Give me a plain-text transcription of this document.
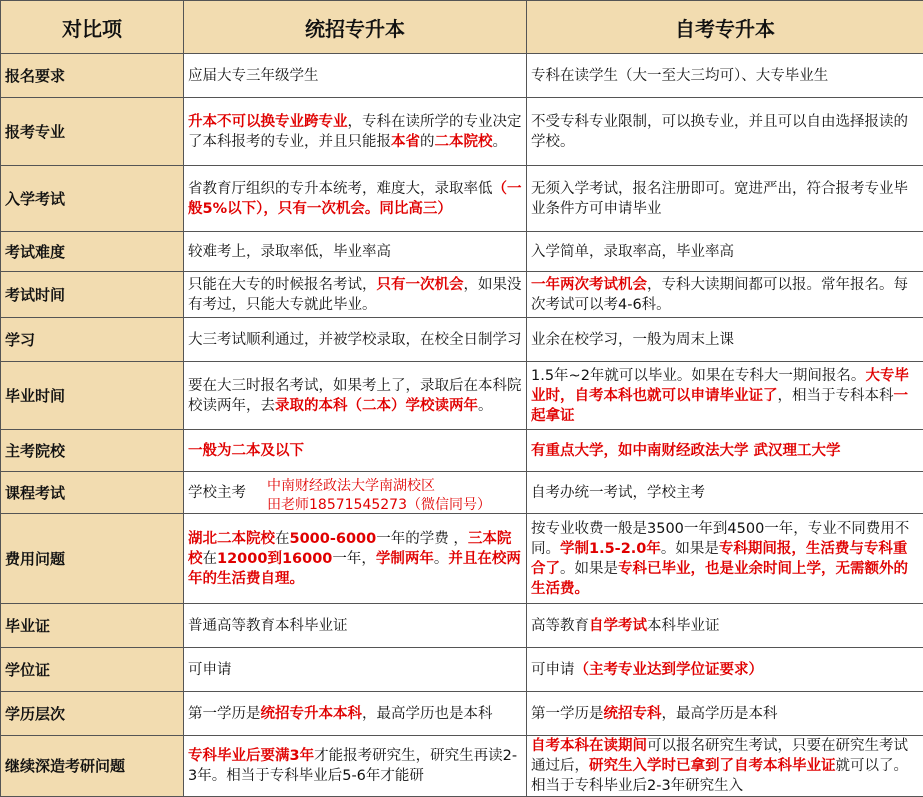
对比项	统招专升本	自考专升本
报名要求	应届大专三年级学生	专科在读学生（大一至大三均可）、大专毕业生
报考专业	升本不可以换专业跨专业，专科在读所学的专业决定了本科报考的专业，并且只能报本省的二本院校。	不受专科专业限制，可以换专业，并且可以自由选择报读的学校。
入学考试	省教育厅组织的专升本统考，难度大，录取率低（一般5%以下），只有一次机会。同比高三）	无须入学考试，报名注册即可。宽进严出，符合报考专业毕业条件方可申请毕业
考试难度	较难考上，录取率低，毕业率高	入学简单，录取率高，毕业率高
考试时间	只能在大专的时候报名考试，只有一次机会，如果没有考过，只能大专就此毕业。	一年两次考试机会，专科大读期间都可以报。常年报名。每次考试可以考4-6科。
学习	大三考试顺利通过，并被学校录取，在校全日制学习	业余在校学习，一般为周末上课
毕业时间	要在大三时报名考试，如果考上了，录取后在本科院校读两年，去录取的本科（二本）学校读两年。	1.5年~2年就可以毕业。如果在专科大一期间报名。大专毕业时，自考本科也就可以申请毕业证了，相当于专科本科一起拿证
主考院校	一般为二本及以下	有重点大学，如中南财经政法大学 武汉理工大学
课程考试	学校主考	自考办统一考试，学校主考
费用问题	湖北二本院校在5000-6000一年的学费 ，三本院校在12000到16000一年，学制两年。并且在校两年的生活费自理。	按专业收费一般是3500一年到4500一年，专业不同费用不同。学制1.5-2.0年。如果是专科期间报，生活费与专科重合了。如果是专科已毕业，也是业余时间上学，无需额外的生活费。
毕业证	普通高等教育本科毕业证	高等教育自学考试本科毕业证
学位证	可申请	可申请（主考专业达到学位证要求）
学历层次	第一学历是统招专升本本科，最高学历也是本科	第一学历是统招专科，最高学历是本科
继续深造考研问题	专科毕业后要满3年才能报考研究生，研究生再读2-3年。相当于专科毕业后5-6年才能研	自考本科在读期间可以报名研究生考试，只要在研究生考试通过后，研究生入学时已拿到了自考本科毕业证就可以了。相当于专科毕业后2-3年研究生入
中南财经政法大学南湖校区
田老师18571545273（微信同号）
